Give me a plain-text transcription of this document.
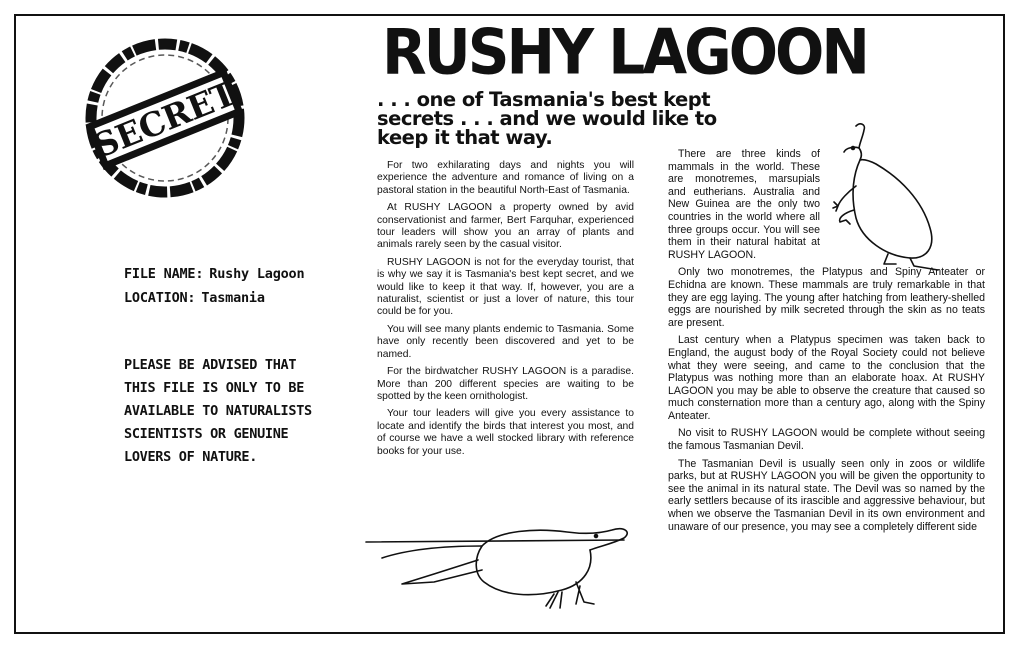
SECRET
FILE NAME: Rushy Lagoon
LOCATION: Tasmania
PLEASE BE ADVISED THAT
THIS FILE IS ONLY TO BE
AVAILABLE TO NATURALISTS
SCIENTISTS OR GENUINE
LOVERS OF NATURE.
RUSHY LAGOON
. . . one of Tasmania's best kept
secrets . . . and we would like to
keep it that way.

For two exhilarating days and nights you will experience the adventure and romance of living on a pastoral station in the beautiful North-East of Tasmania.

At RUSHY LAGOON a property owned by avid conservationist and farmer, Bert Farquhar, experienced tour leaders will show you an array of plants and animals rarely seen by the casual visitor.

RUSHY LAGOON is not for the everyday tourist, that is why we say it is Tasmania's best kept secret, and we would like to keep it that way. If, however, you are a naturalist, scientist or just a lover of nature, this tour could be for you.

You will see many plants endemic to Tasmania. Some have only recently been discovered and yet to be named.

For the birdwatcher RUSHY LAGOON is a paradise. More than 200 different species are waiting to be spotted by the keen ornithologist.

Your tour leaders will give you every assistance to locate and identify the birds that interest you most, and of course we have a well stocked library with reference books for your use.

There are three kinds of mammals in the world. These are monotremes, marsupials and eutherians. Australia and New Guinea are the only two countries in the world where all three groups occur. You will see them in their natural habitat at RUSHY LAGOON.

Only two monotremes, the Platypus and Spiny Anteater or Echidna are known. These mammals are truly remarkable in that they are egg laying. The young after hatching from leathery-shelled eggs are nourished by milk secreted through the skin as no teats are present.

Last century when a Platypus specimen was taken back to England, the august body of the Royal Society could not believe what they were seeing, and came to the conclusion that the Platypus was nothing more than an elaborate hoax. At RUSHY LAGOON you may be able to observe the creature that caused so much consternation more than a century ago, along with the Spiny Anteater.

No visit to RUSHY LAGOON would be complete without seeing the famous Tasmanian Devil.

The Tasmanian Devil is usually seen only in zoos or wildlife parks, but at RUSHY LAGOON you will be given the opportunity to see the animal in its natural state. The Devil was so named by the early settlers because of its irascible and aggressive behaviour, but when we observe the Tasmanian Devil in its own environment and unaware of our presence, you may see a completely different side
